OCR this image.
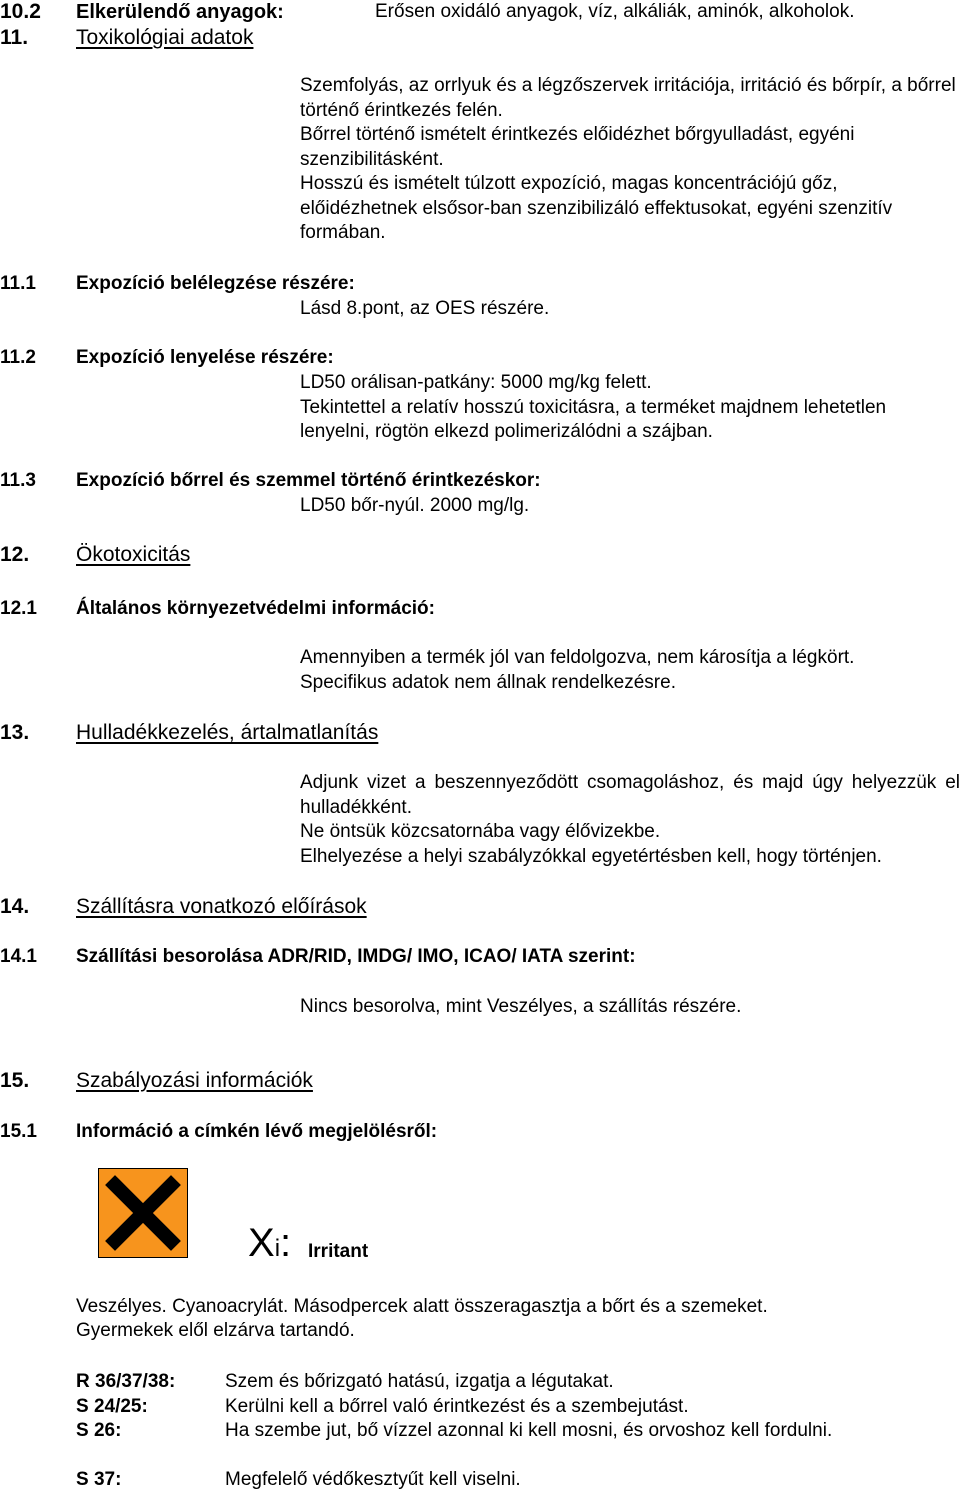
10.2 Elkerülendő anyagok:	Erősen oxidáló anyagok, víz, alkáliák, aminók, alkoholok.
11. Toxikológiai adatok

Szemfolyás, az orrlyuk és a légzőszervek irritációja, irritáció és bőrpír, a bőrrel történő érintkezés felén.

Bőrrel történő ismételt érintkezés előidézhet bőrgyulladást, egyéni szenzibilitásként.

Hosszú és ismételt túlzott expozíció, magas koncentrációjú gőz, előidézhetnek elsősor-ban szenzibilizáló effektusokat, egyéni szenzitív formában.

11.1 Expozíció belélegzése részére:
Lásd 8.pont, az OES részére.
11.2 Expozíció lenyelése részére:

LD50 orálisan-patkány: 5000 mg/kg felett.

Tekintettel a relatív hosszú toxicitásra, a terméket majdnem lehetetlen lenyelni, rögtön elkezd polimerizálódni a szájban.

11.3 Expozíció bőrrel és szemmel történő érintkezéskor:
LD50 bőr-nyúl. 2000 mg/lg.
12. Ökotoxicitás
12.1 Általános környezetvédelmi információ:

Amennyiben a termék jól van feldolgozva, nem károsítja a légkört.

Specifikus adatok nem állnak rendelkezésre.

13. Hulladékkezelés, ártalmatlanítás

Adjunk vizet a beszennyeződött csomagoláshoz, és majd úgy helyezzük el hulladékként.

Ne öntsük közcsatornába vagy élővizekbe.

Elhelyezése a helyi szabályzókkal egyetértésben kell, hogy történjen.

14. Szállításra vonatkozó előírások
14.1 Szállítási besorolása ADR/RID, IMDG/ IMO, ICAO/ IATA szerint:
Nincs besorolva, mint Veszélyes, a szállítás részére.
15. Szabályozási információk
15.1 Információ a címkén lévő megjelölésről:
Xi: Irritant
Veszélyes. Cyanoacrylát. Másodpercek alatt összeragasztja a bőrt és a szemeket.
Gyermekek elől elzárva tartandó.
R 36/37/38:	Szem és bőrizgató hatású, izgatja a légutakat.
S 24/25:	Kerülni kell a bőrrel való érintkezést és a szembejutást.
S 26:	Ha szembe jut, bő vízzel azonnal ki kell mosni, és orvoshoz kell fordulni.
S 37:	Megfelelő védőkesztyűt kell viselni.
